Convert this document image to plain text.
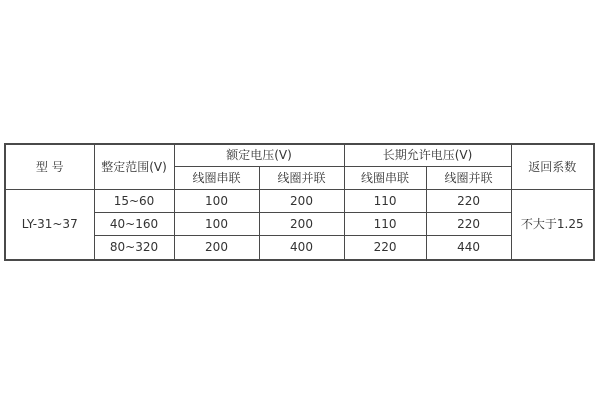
型 号	整定范围(V)	额定电压(V)		长期允许电压(V)		返回系数
		线圈串联	线圈并联	线圈串联	线圈并联	
LY-31~37	15~60	100	200	110	220	不大于1.25
	40~160	100	200	110	220	
	80~320	200	400	220	440	
